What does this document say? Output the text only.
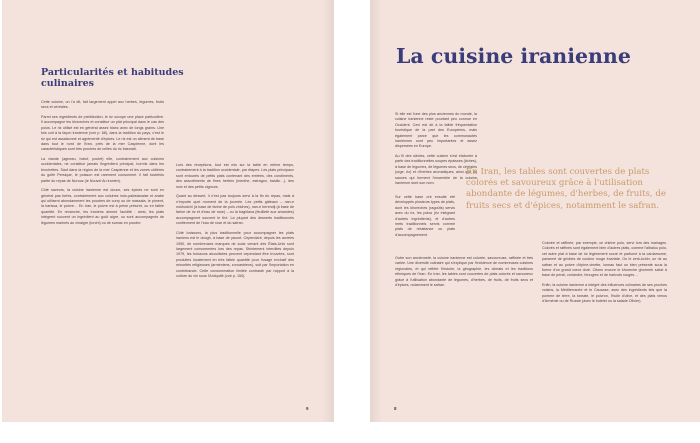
Particularités et habitudes culinaires

Cette cuisine, on l'a dit, fait largement appel aux herbes, légumes, fruits secs et céréales.

Parmi ses ingrédients de prédilection, le riz occupe une place particulière. Il accompagne les khoreches et constitue un plat principal dans le cas des polos. Le riz utilisé est en général assez blanc avec de longs grains. Une fois cuit à la façon iranienne (voir p. 68), dans la tradition du pays, c'est le riz qui est assaisonné et agrémenté d'épices. Le riz est un aliment de base dans tout le nord de l'Iran, près de la mer Caspienne, dont les caractéristiques sont très proches de celles du riz basmati.

La viande (agneau, bœuf, poulet) elle, contrairement aux cuisines occidentales, ne constitue jamais l'ingrédient principal, hormis dans les brochettes. Sauf dans la région de la mer Caspienne et les zones côtières du golfe Persique, le poisson est rarement consommé. Il fait toutefois partie du repas de Norouz (le Nouvel An iranien).

Côté saveurs, la cuisine iranienne est douce, ses épices ne sont en général pas fortes, contrairement aux cuisines indo-pakistanaise et arabe qui utilisent abondamment les poudres de curry ou de massala, le piment, la harissa, le poivre… En Iran, le poivre est à peine présent, ou en faible quantité. En revanche, les Iraniens aiment l'acidité : ainsi, les plats intègrent souvent un ingrédient au goût aigre, ou sont accompagnés de légumes marinés au vinaigre (torchi) ou de sumac en poudre.

Lors des réceptions, tout est mis sur la table en même temps, contrairement à la tradition occidentale, par étapes. Les plats principaux sont entourés de petits plats contenant des entrées, des condiments, des assortiments de fines herbes (menthe, estragon, basilic…), des noix et des petits oignons.

Quant au dessert, il n'est pas toujours servi à la fin du repas, mais à n'importe quel moment de la journée. Les petits gâteaux – nan-e nokhodchi (à base de farine de pois chiches), nan-e berendji (à base de farine de riz et d'eau de rose) – ou la baghlava (feuilleté aux amandes) accompagnent souvent le thé. La plupart des desserts traditionnels contiennent de l'eau de rose et du safran.

Côté boissons, la plus traditionnelle pour accompagner les plats iraniens est le doogh, à base de yaourt. Cependant, depuis les années 1950, de nombreuses marques de soda venant des États-Unis sont largement consommées lors des repas. Strictement interdites depuis 1979, les boissons alcoolisées peuvent cependant être trouvées, sont produites localement en très faible quantité pour l'usage exclusif des minorités religieuses (arméniens, zoroastriens), soit par l'importation en contrebande. Cette consommation limitée contraste par rapport à la culture du vin sous l'Antiquité (voir p. 150).

9
La cuisine iranienne

Si elle est l'une des plus anciennes du monde, la cuisine iranienne reste pourtant peu connue en Occident. Ceci est dû à la faible fréquentation touristique de la part des Européens, mais également parce que les communautés iraniennes sont peu importantes et assez dispersées en Europe.

Au fil des siècles, cette cuisine s'est élaborée à partir des traditionnelles soupes épaisses (âches), à base de légumes, de légumes secs, de céréales (orge, riz) et d'herbes aromatiques, ainsi que de sauces qui forment l'ensemble de la cuisine iranienne dont son nom.

Sur cette base ont ensuite été développés plusieurs types de plats, dont les khoreches (ragoûts) servis avec du riz, les polos (riz intégrant d'autres ingrédients), et d'autres mets traditionnels servis comme plats de résistance ou plats d'accompagnement.

En Iran, les tables sont couvertes de plats colorés et savoureux grâce à l'utilisation abondante de légumes, d'herbes, de fruits, de fruits secs et d'épices, notamment le safran.

Outre son ancienneté, la cuisine iranienne est colorée, savoureuse, raffinée et très variée. Une diversité culinaire qui s'explique par l'existence de nombreuses cuisines régionales, et qui reflète l'histoire, la géographie, les climats et les traditions ethniques de l'Iran. En Iran, les tables sont couvertes de plats colorés et savoureux grâce à l'utilisation abondante de légumes, d'herbes, de fruits, de fruits secs et d'épices, notamment le safran.

Colorée et raffinée, par exemple, ce chirine polo, servi lors des mariages. Colorés et raffinés sont également bien d'autres plats, comme l'albalou polo, cet autre plat à base de riz légèrement sucré et parfumé à la cardamome, parsemé de griottes de couleur rouge écarlate. Ou le zerk-kchin, un riz au safran et au poivre d'épine-vinette, loneau faut ou bien présenté sous la forme d'un grand cœur doré. Citons encore le khoreche ghormeh sabzi à base de persil, coriandre, fenugrec et de haricots rouges…

Enfin, la cuisine iranienne a intégré des influences culinaires de ses proches voisins, la Méditerranée et le Caucase, avec des ingrédients tels que la pomme de terre, la tomate, le poivron, l'huile d'olive, et des plats venus d'Arménie ou de Russie (avec le kotelet ou la salade Olivier).

8
